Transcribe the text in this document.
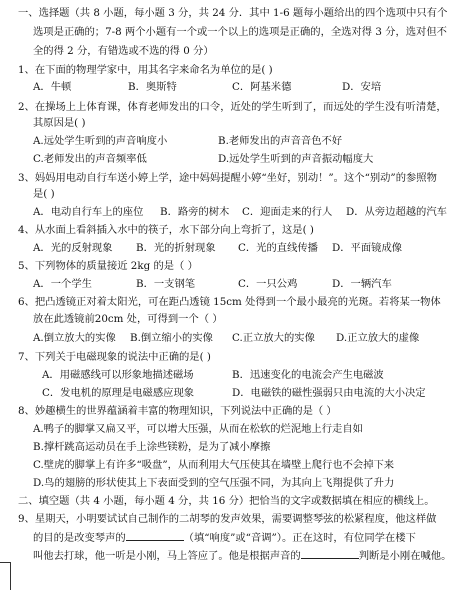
一、选择题（共 8 小题，每小题 3 分，共 24 分．其中 1-6 题每小题给出的四个选项中只有个
选项是正确的；7-8 两个小题有一个或一个以上的选项是正确的，全选对得 3 分，选对但不
全的得 2 分，有错选或不选的得 0 分）
1、在下面的物理学家中，用其名字来命名为单位的是( )
A．牛顿	B．奥斯特	C．阿基米德	D．安培
2、在操场上上体育课，体育老师发出的口令，近处的学生听到了，而远处的学生没有听清楚，
其原因是( )
A.远处学生听到的声音响度小	B.老师发出的声音音色不好
C.老师发出的声音频率低	D.远处学生听到的声音振动幅度大
3、妈妈用电动自行车送小婷上学，途中妈妈提醒小婷“坐好，别动！”。这个“别动”的参照物
是( )
A．电动自行车上的座位 B．路旁的树木 C．迎面走来的行人 D．从旁边超越的汽车
4、从水面上看斜插入水中的筷子，水下部分向上弯折了，这是( )
A．光的反射现象 B．光的折射现象 C．光的直线传播 D．平面镜成像
5、下列物体的质量接近 2kg 的是（ ）
A．一个学生	B．一支钢笔	C．一只公鸡	D．一辆汽车
6、把凸透镜正对着太阳光，可在距凸透镜 15cm 处得到一个最小最亮的光斑。若将某一物体
放在此透镜前20cm 处，可得到一个（ ）
A.倒立放大的实像 B.倒立缩小的实像 C.正立放大的实像 D.正立放大的虚像
7、下列关于电磁现象的说法中正确的是( )
A．用磁感线可以形象地描述磁场	B．迅速变化的电流会产生电磁波
C．发电机的原理是电磁感应现象	D．电磁铁的磁性强弱只由电流的大小决定
8、妙趣横生的世界蕴涵着丰富的物理知识，下列说法中正确的是（ ）
A.鸭子的脚掌又扁又平，可以增大压强，从而在松软的烂泥地上行走自如
B.撑杆跳高运动员在手上涂些镁粉，是为了减小摩擦
C.壁虎的脚掌上有许多“吸盘”，从而利用大气压使其在墙壁上爬行也不会掉下来
D.鸟的翅膀的形状使其上下表面受到的空气压强不同，为其向上飞翔提供了升力
二、填空题（共 4 小题，每小题 4 分，共 16 分）把恰当的文字或数据填在相应的横线上。
9、星期天，小明要试试自己制作的二胡琴的发声效果，需要调整琴弦的松紧程度，他这样做
的目的是改变琴声的	（填“响度”或“音调”）。正在这时，有位同学在楼下
叫他去打球，他一听是小刚，马上答应了。他是根据声音的	判断是小刚在喊他。
